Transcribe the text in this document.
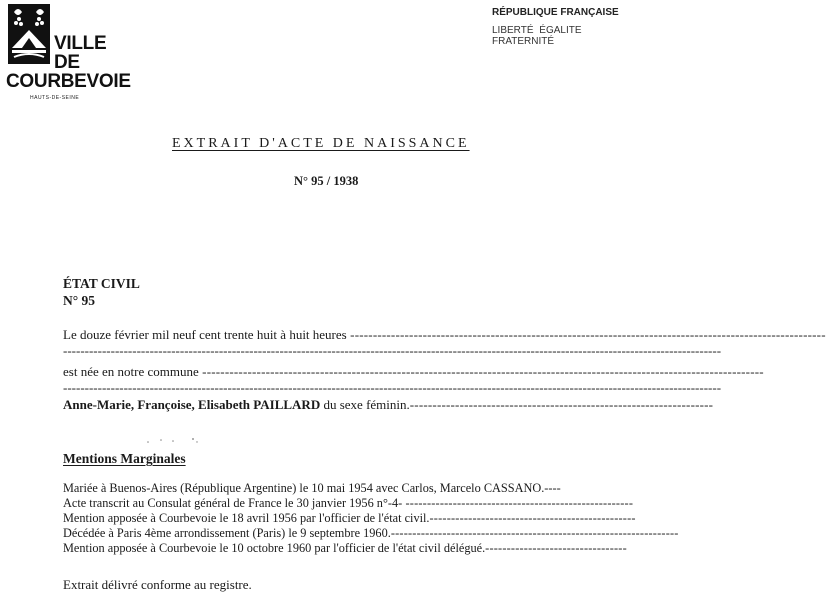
VILLE
DE
COURBEVOIE
HAUTS-DE-SEINE
RÉPUBLIQUE FRANÇAISE
LIBERTÉ ÉGALITE FRATERNITÉ
EXTRAIT D'ACTE DE NAISSANCE
N° 95 / 1938
ÉTAT CIVIL
N° 95
Le douze février mil neuf cent trente huit à huit heures ---------------------------------------------------------------------------------------------------------
--------------------------------------------------------------------------------------------------------------------------------------------------------
est née en notre commune ----------------------------------------------------------------------------------------------------------------------------
--------------------------------------------------------------------------------------------------------------------------------------------------------
Anne-Marie, Françoise, Elisabeth PAILLARD du sexe féminin.-------------------------------------------------------------------
Mentions Marginales
Mariée à Buenos-Aires (République Argentine) le 10 mai 1954 avec Carlos, Marcelo CASSANO.----
Acte transcrit au Consulat général de France le 30 janvier 1956 n°-4- -----------------------------------------------------
Mention apposée à Courbevoie le 18 avril 1956 par l'officier de l'état civil.------------------------------------------------
Décédée à Paris 4ème arrondissement (Paris) le 9 septembre 1960.-------------------------------------------------------------------
Mention apposée à Courbevoie le 10 octobre 1960 par l'officier de l'état civil délégué.---------------------------------
Extrait délivré conforme au registre.
